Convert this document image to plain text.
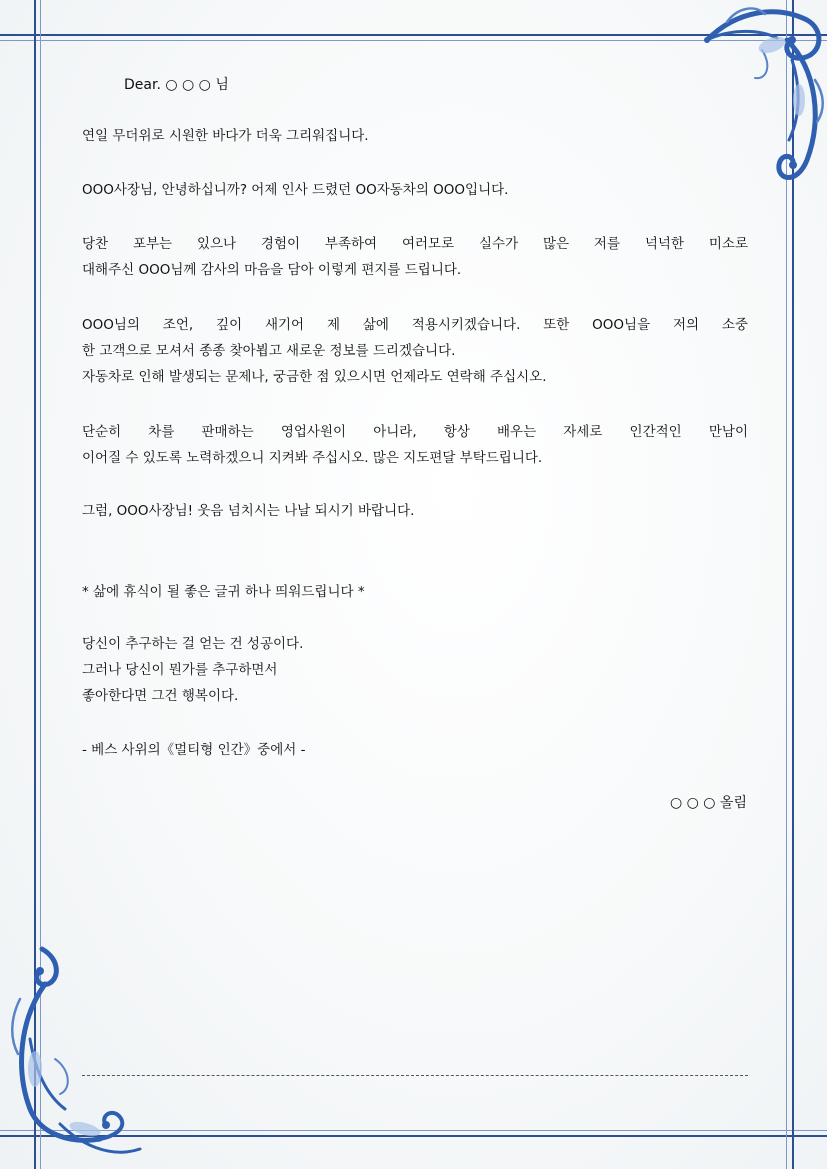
Dear. ○ ○ ○ 님
연일 무더위로 시원한 바다가 더욱 그리워집니다.
OOO사장님, 안녕하십니까? 어제 인사 드렸던 OO자동차의 OOO입니다.
당찬 포부는 있으나 경험이 부족하여 여러모로 실수가 많은 저를 넉넉한 미소로
대해주신 OOO님께 감사의 마음을 담아 이렇게 편지를 드립니다.
OOO님의 조언, 깊이 새기어 제 삶에 적용시키겠습니다. 또한 OOO님을 저의 소중
한 고객으로 모셔서 종종 찾아뵙고 새로운 정보를 드리겠습니다.
자동차로 인해 발생되는 문제나, 궁금한 점 있으시면 언제라도 연락해 주십시오.
단순히 차를 판매하는 영업사원이 아니라, 항상 배우는 자세로 인간적인 만남이
이어질 수 있도록 노력하겠으니 지켜봐 주십시오. 많은 지도편달 부탁드립니다.
그럼, OOO사장님! 웃음 넘치시는 나날 되시기 바랍니다.
* 삶에 휴식이 될 좋은 글귀 하나 띄워드립니다 *
당신이 추구하는 걸 얻는 건 성공이다.
그러나 당신이 뭔가를 추구하면서
좋아한다면 그건 행복이다.
- 베스 사위의《멀티형 인간》중에서 -
○ ○ ○ 올림
